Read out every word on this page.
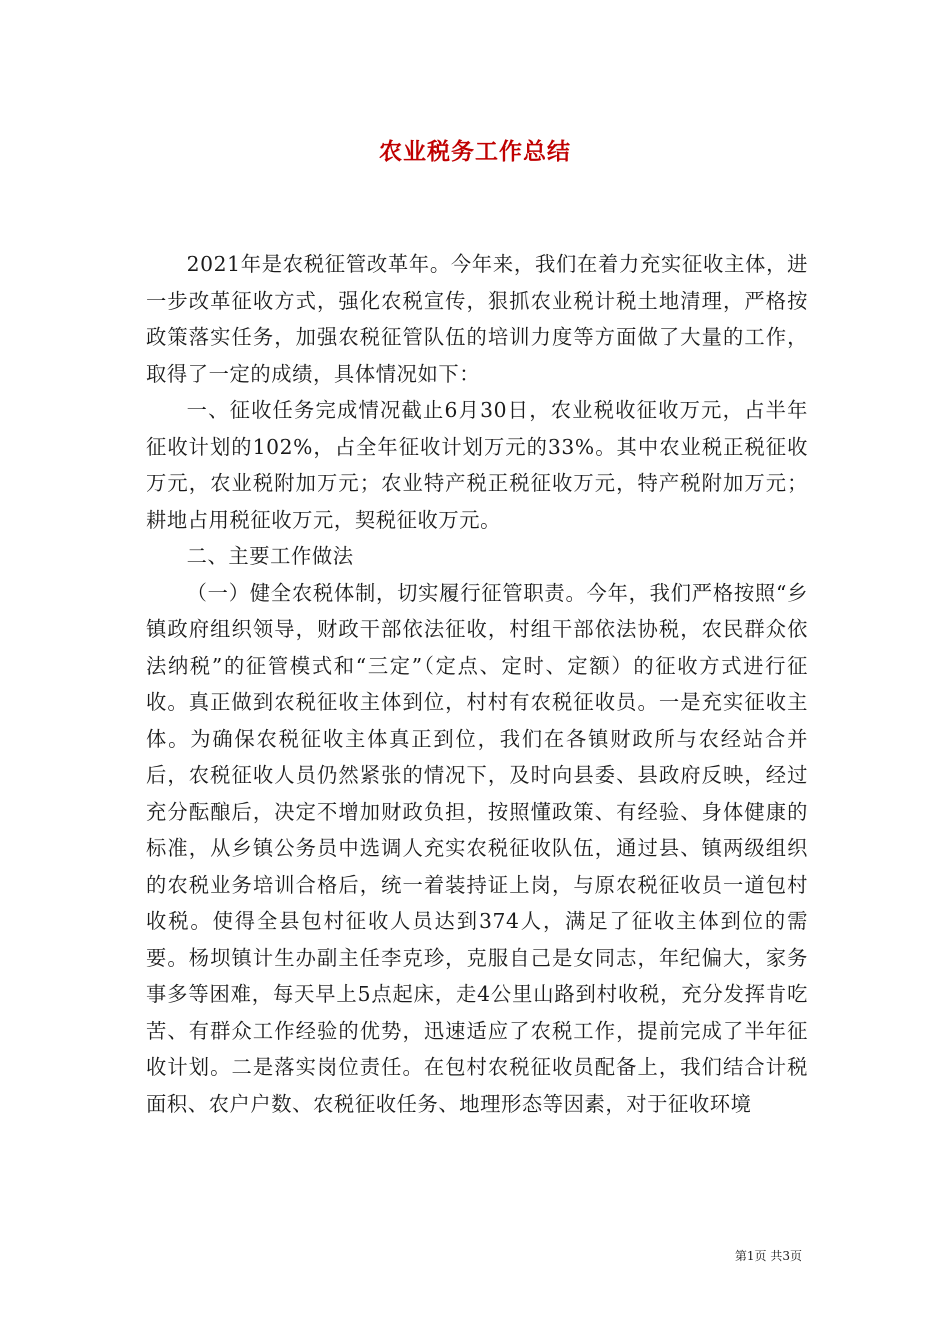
农业税务工作总结

2021年是农税征管改革年。今年来，我们在着力充实征收主体，进一步改革征收方式，强化农税宣传，狠抓农业税计税土地清理，严格按政策落实任务，加强农税征管队伍的培训力度等方面做了大量的工作，取得了一定的成绩，具体情况如下：

一、征收任务完成情况截止6月30日，农业税收征收万元，占半年征收计划的102%，占全年征收计划万元的33%。其中农业税正税征收万元，农业税附加万元；农业特产税正税征收万元，特产税附加万元；耕地占用税征收万元，契税征收万元。

二、主要工作做法

（一）健全农税体制，切实履行征管职责。今年，我们严格按照“乡镇政府组织领导，财政干部依法征收，村组干部依法协税，农民群众依法纳税”的征管模式和“三定”（定点、定时、定额）的征收方式进行征收。真正做到农税征收主体到位，村村有农税征收员。一是充实征收主体。为确保农税征收主体真正到位，我们在各镇财政所与农经站合并后，农税征收人员仍然紧张的情况下，及时向县委、县政府反映，经过充分酝酿后，决定不增加财政负担，按照懂政策、有经验、身体健康的标准，从乡镇公务员中选调人充实农税征收队伍，通过县、镇两级组织的农税业务培训合格后，统一着装持证上岗，与原农税征收员一道包村收税。使得全县包村征收人员达到374人，满足了征收主体到位的需要。杨坝镇计生办副主任李克珍，克服自己是女同志，年纪偏大，家务事多等困难，每天早上5点起床，走4公里山路到村收税，充分发挥肯吃苦、有群众工作经验的优势，迅速适应了农税工作，提前完成了半年征收计划。二是落实岗位责任。在包村农税征收员配备上，我们结合计税面积、农户户数、农税征收任务、地理形态等因素，对于征收环境

第1页 共3页
